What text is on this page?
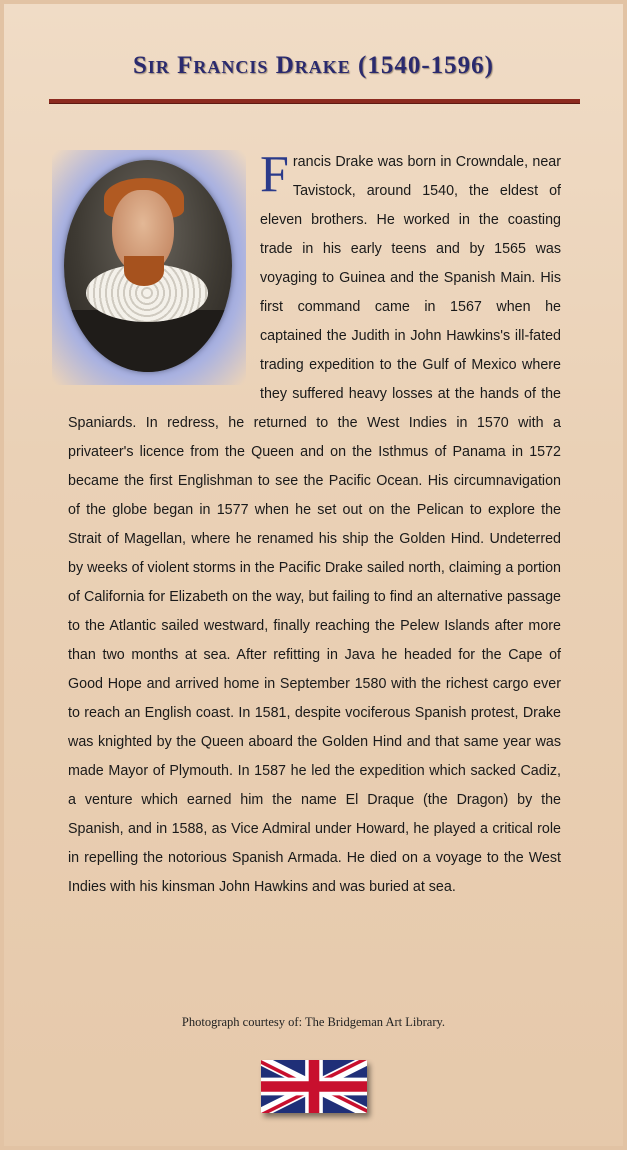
Sir Francis Drake (1540-1596)
F rancis Drake was born in Crowndale, near Tavistock, around 1540, the eldest of eleven brothers. He worked in the coasting trade in his early teens and by 1565 was voyaging to Guinea and the Spanish Main. His first command came in 1567 when he captained the Judith in John Hawkins's ill-fated trading expedition to the Gulf of Mexico where they suffered heavy losses at the hands of the Spaniards. In redress, he returned to the West Indies in 1570 with a privateer's licence from the Queen and on the Isthmus of Panama in 1572 became the first Englishman to see the Pacific Ocean. His circumnavigation of the globe began in 1577 when he set out on the Pelican to explore the Strait of Magellan, where he renamed his ship the Golden Hind. Undeterred by weeks of violent storms in the Pacific Drake sailed north, claiming a portion of California for Elizabeth on the way, but failing to find an alternative passage to the Atlantic sailed westward, finally reaching the Pelew Islands after more than two months at sea. After refitting in Java he headed for the Cape of Good Hope and arrived home in September 1580 with the richest cargo ever to reach an English coast. In 1581, despite vociferous Spanish protest, Drake was knighted by the Queen aboard the Golden Hind and that same year was made Mayor of Plymouth. In 1587 he led the expedition which sacked Cadiz, a venture which earned him the name El Draque (the Dragon) by the Spanish, and in 1588, as Vice Admiral under Howard, he played a critical role in repelling the notorious Spanish Armada. He died on a voyage to the West Indies with his kinsman John Hawkins and was buried at sea.

Photograph courtesy of: The Bridgeman Art Library.
